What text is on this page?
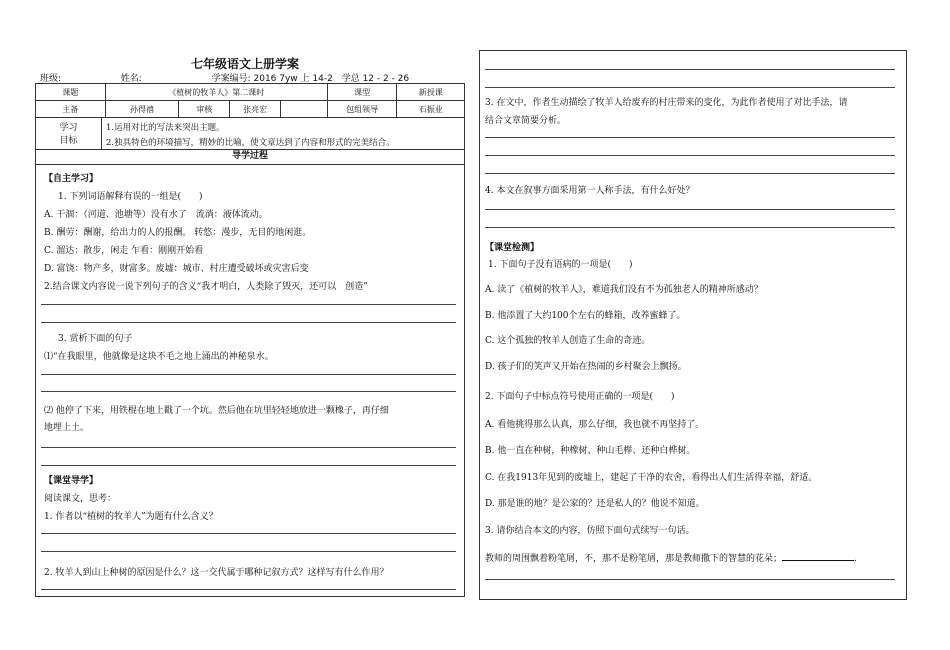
七年级语文上册学案
班级:	姓名:	学案编号: 2016 7yw 上 14-2 学总 12 - 2 - 26
课题	《植树的牧羊人》第二课时				课型	新授课
主备	孙得禧	审核	张亮宏		包组领导	石振业
学习
目标
1.运用对比的写法来突出主题。
2.独具特色的环境描写，精妙的比喻，使文章达到了内容和形式的完美结合。
导学过程
【自主学习】
1. 下列词语解释有误的一组是(　　)
A. 干涸：（河道、池塘等）没有水了　流淌：液体流动。
B. 酬劳：酬谢，给出力的人的报酬。 转悠：漫步，无目的地闲逛。
C. 溜达：散步，闲走 乍看：刚刚开始看
D. 富饶：物产多，财富多。废墟：城市、村庄遭受破坏或灾害后变
2.结合课文内容说一说下列句子的含义“我才明白，人类除了毁灭，还可以　创造”
3. 赏析下面的句子
⑴“在我眼里，他就像是这块不毛之地上涌出的神秘泉水。
⑵ 他停了下来，用铁棍在地上戳了一个坑。然后他在坑里轻轻地放进一颗橡子，再仔细
地埋上土。
【课堂导学】
阅读课文，思考：
1. 作者以“植树的牧羊人”为题有什么含义？
2. 牧羊人到山上种树的原因是什么？这一交代属于哪种记叙方式？这样写有什么作用？
3. 在文中，作者生动描绘了牧羊人给废弃的村庄带来的变化，为此作者使用了对比手法，请
结合文章简要分析。
4. 本文在叙事方面采用第一人称手法，有什么好处？
【课堂检测】
1. 下面句子没有语病的一项是(　　)
A. 读了《植树的牧羊人》，难道我们没有不为孤独老人的精神所感动？
B. 他添置了大约100个左右的蜂箱，改养蜜蜂了。
C. 这个孤独的牧羊人创造了生命的奇迹。
D. 孩子们的笑声又开始在热闹的乡村聚会上飘扬。
2. 下面句子中标点符号使用正确的一项是(　　)
A. 看他挑得那么认真，那么仔细，我也就不再坚持了。
B. 他一直在种树，种橡树、种山毛榉、还种白桦树。
C. 在我1913年见到的废墟上，建起了干净的农舍，看得出人们生活得幸福，舒适。
D. 那是谁的地？是公家的？还是私人的？他说不知道。
3. 请你结合本文的内容，仿照下面句式续写一句话。
教师的周围飘着粉笔屑，不，那不是粉笔屑，那是教师撒下的智慧的花朵；	.
